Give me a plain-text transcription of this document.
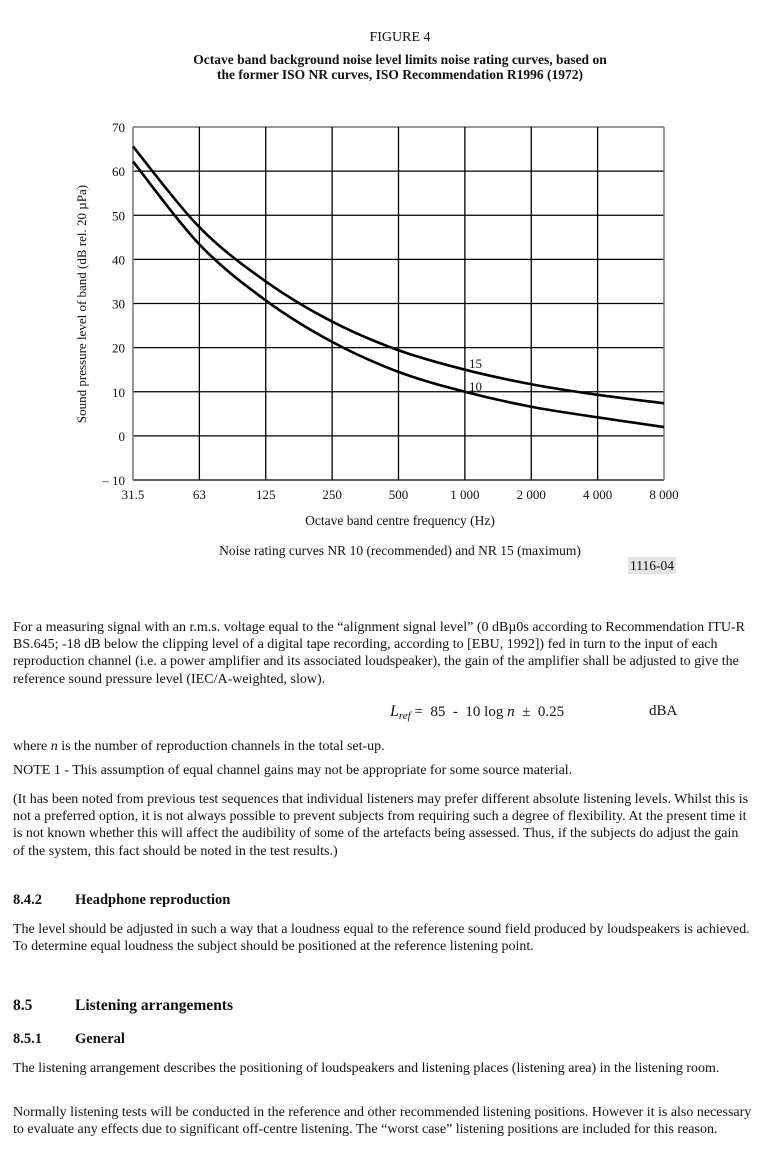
FIGURE 4
Octave band background noise level limits noise rating curves, based on
the former ISO NR curves, ISO Recommendation R1996 (1972)
– 10
0
10
20
30
40
50
60
70
31.5	63	125	250	500	1 000	2 000	4 000	8 000
15
10
Sound pressure level of band (dB rel. 20 µPa)
Octave band centre frequency (Hz)
Noise rating curves NR 10 (recommended) and NR 15 (maximum)
1116-04
For a measuring signal with an r.m.s. voltage equal to the “alignment signal level” (0 dBµ0s according to Recommendation ITU-R BS.645; -18 dB below the clipping level of a digital tape recording, according to [EBU, 1992]) fed in turn to the input of each reproduction channel (i.e. a power amplifier and its associated loudspeaker), the gain of the amplifier shall be adjusted to give the reference sound pressure level (IEC/A-weighted, slow).
$L_{ref} = 85 - 10$ log n  ±  0.25	dBA
where n is the number of reproduction channels in the total set-up.
NOTE 1 - This assumption of equal channel gains may not be appropriate for some source material.
(It has been noted from previous test sequences that individual listeners may prefer different absolute listening levels. Whilst this is not a preferred option, it is not always possible to prevent subjects from requiring such a degree of flexibility. At the present time it is not known whether this will affect the audibility of some of the artefacts being assessed. Thus, if the subjects do adjust the gain of the system, this fact should be noted in the test results.)
8.4.2 Headphone reproduction
The level should be adjusted in such a way that a loudness equal to the reference sound field produced by loudspeakers is achieved. To determine equal loudness the subject should be positioned at the reference listening point.
8.5	Listening arrangements
8.5.1 General
The listening arrangement describes the positioning of loudspeakers and listening places (listening area) in the listening room.
Normally listening tests will be conducted in the reference and other recommended listening positions. However it is also necessary to evaluate any effects due to significant off-centre listening. The “worst case” listening positions are included for this reason.
